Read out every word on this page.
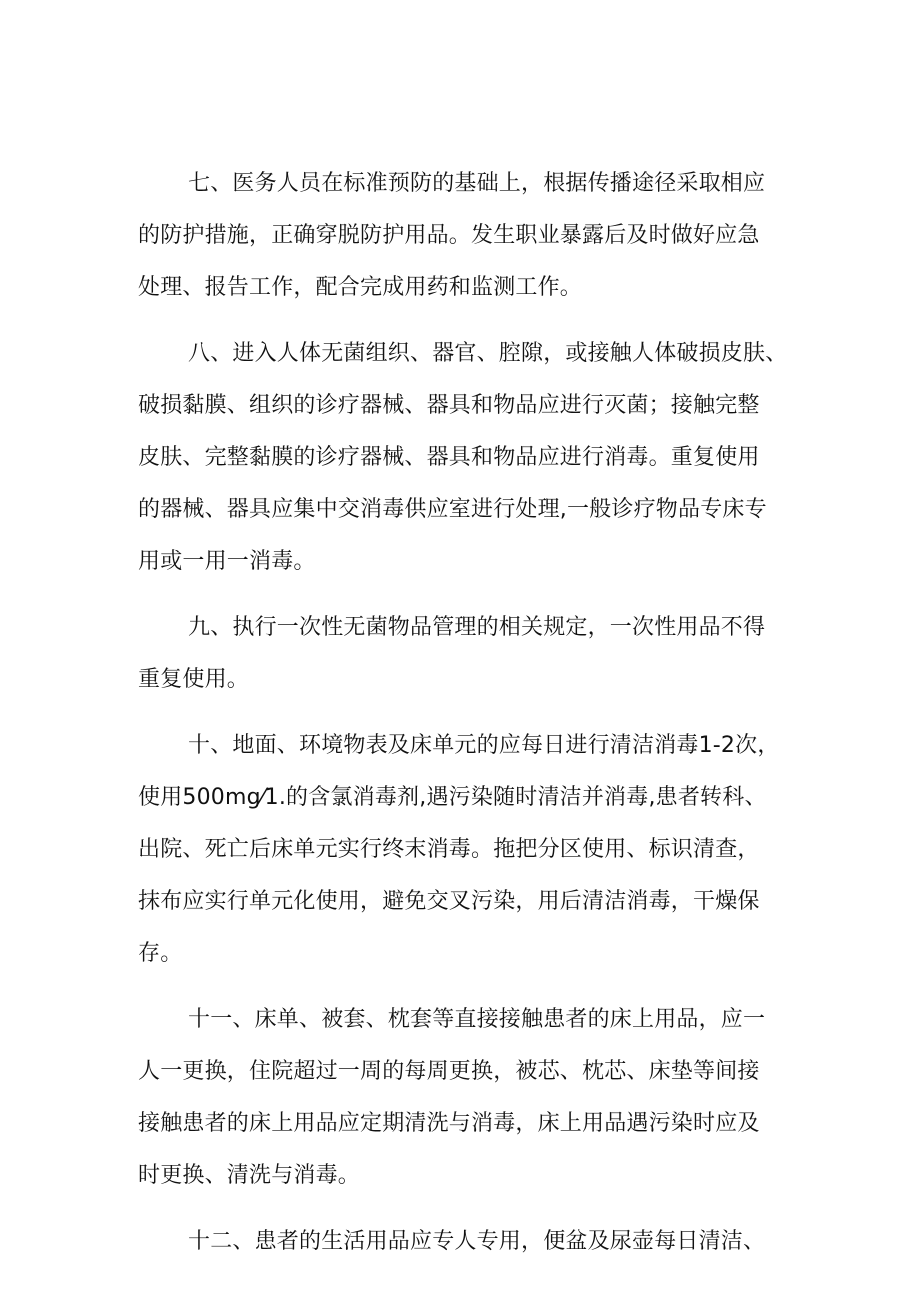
七、医务人员在标准预防的基础上，根据传播途径采取相应
的防护措施，正确穿脱防护用品。发生职业暴露后及时做好应急
处理、报告工作，配合完成用药和监测工作。
八、进入人体无菌组织、器官、腔隙，或接触人体破损皮肤、
破损黏膜、组织的诊疗器械、器具和物品应进行灭菌；接触完整
皮肤、完整黏膜的诊疗器械、器具和物品应进行消毒。重复使用
的器械、器具应集中交消毒供应室进行处理,一般诊疗物品专床专
用或一用一消毒。
九、执行一次性无菌物品管理的相关规定，一次性用品不得
重复使用。
十、地面、环境物表及床单元的应每日进行清洁消毒1-2次，
使用500mg⁄1.的含氯消毒剂,遇污染随时清洁并消毒,患者转科、
出院、死亡后床单元实行终末消毒。拖把分区使用、标识清查，
抹布应实行单元化使用，避免交叉污染，用后清洁消毒，干燥保
存。
十一、床单、被套、枕套等直接接触患者的床上用品，应一
人一更换，住院超过一周的每周更换，被芯、枕芯、床垫等间接
接触患者的床上用品应定期清洗与消毒，床上用品遇污染时应及
时更换、清洗与消毒。
十二、患者的生活用品应专人专用，便盆及尿壶每日清洁、
